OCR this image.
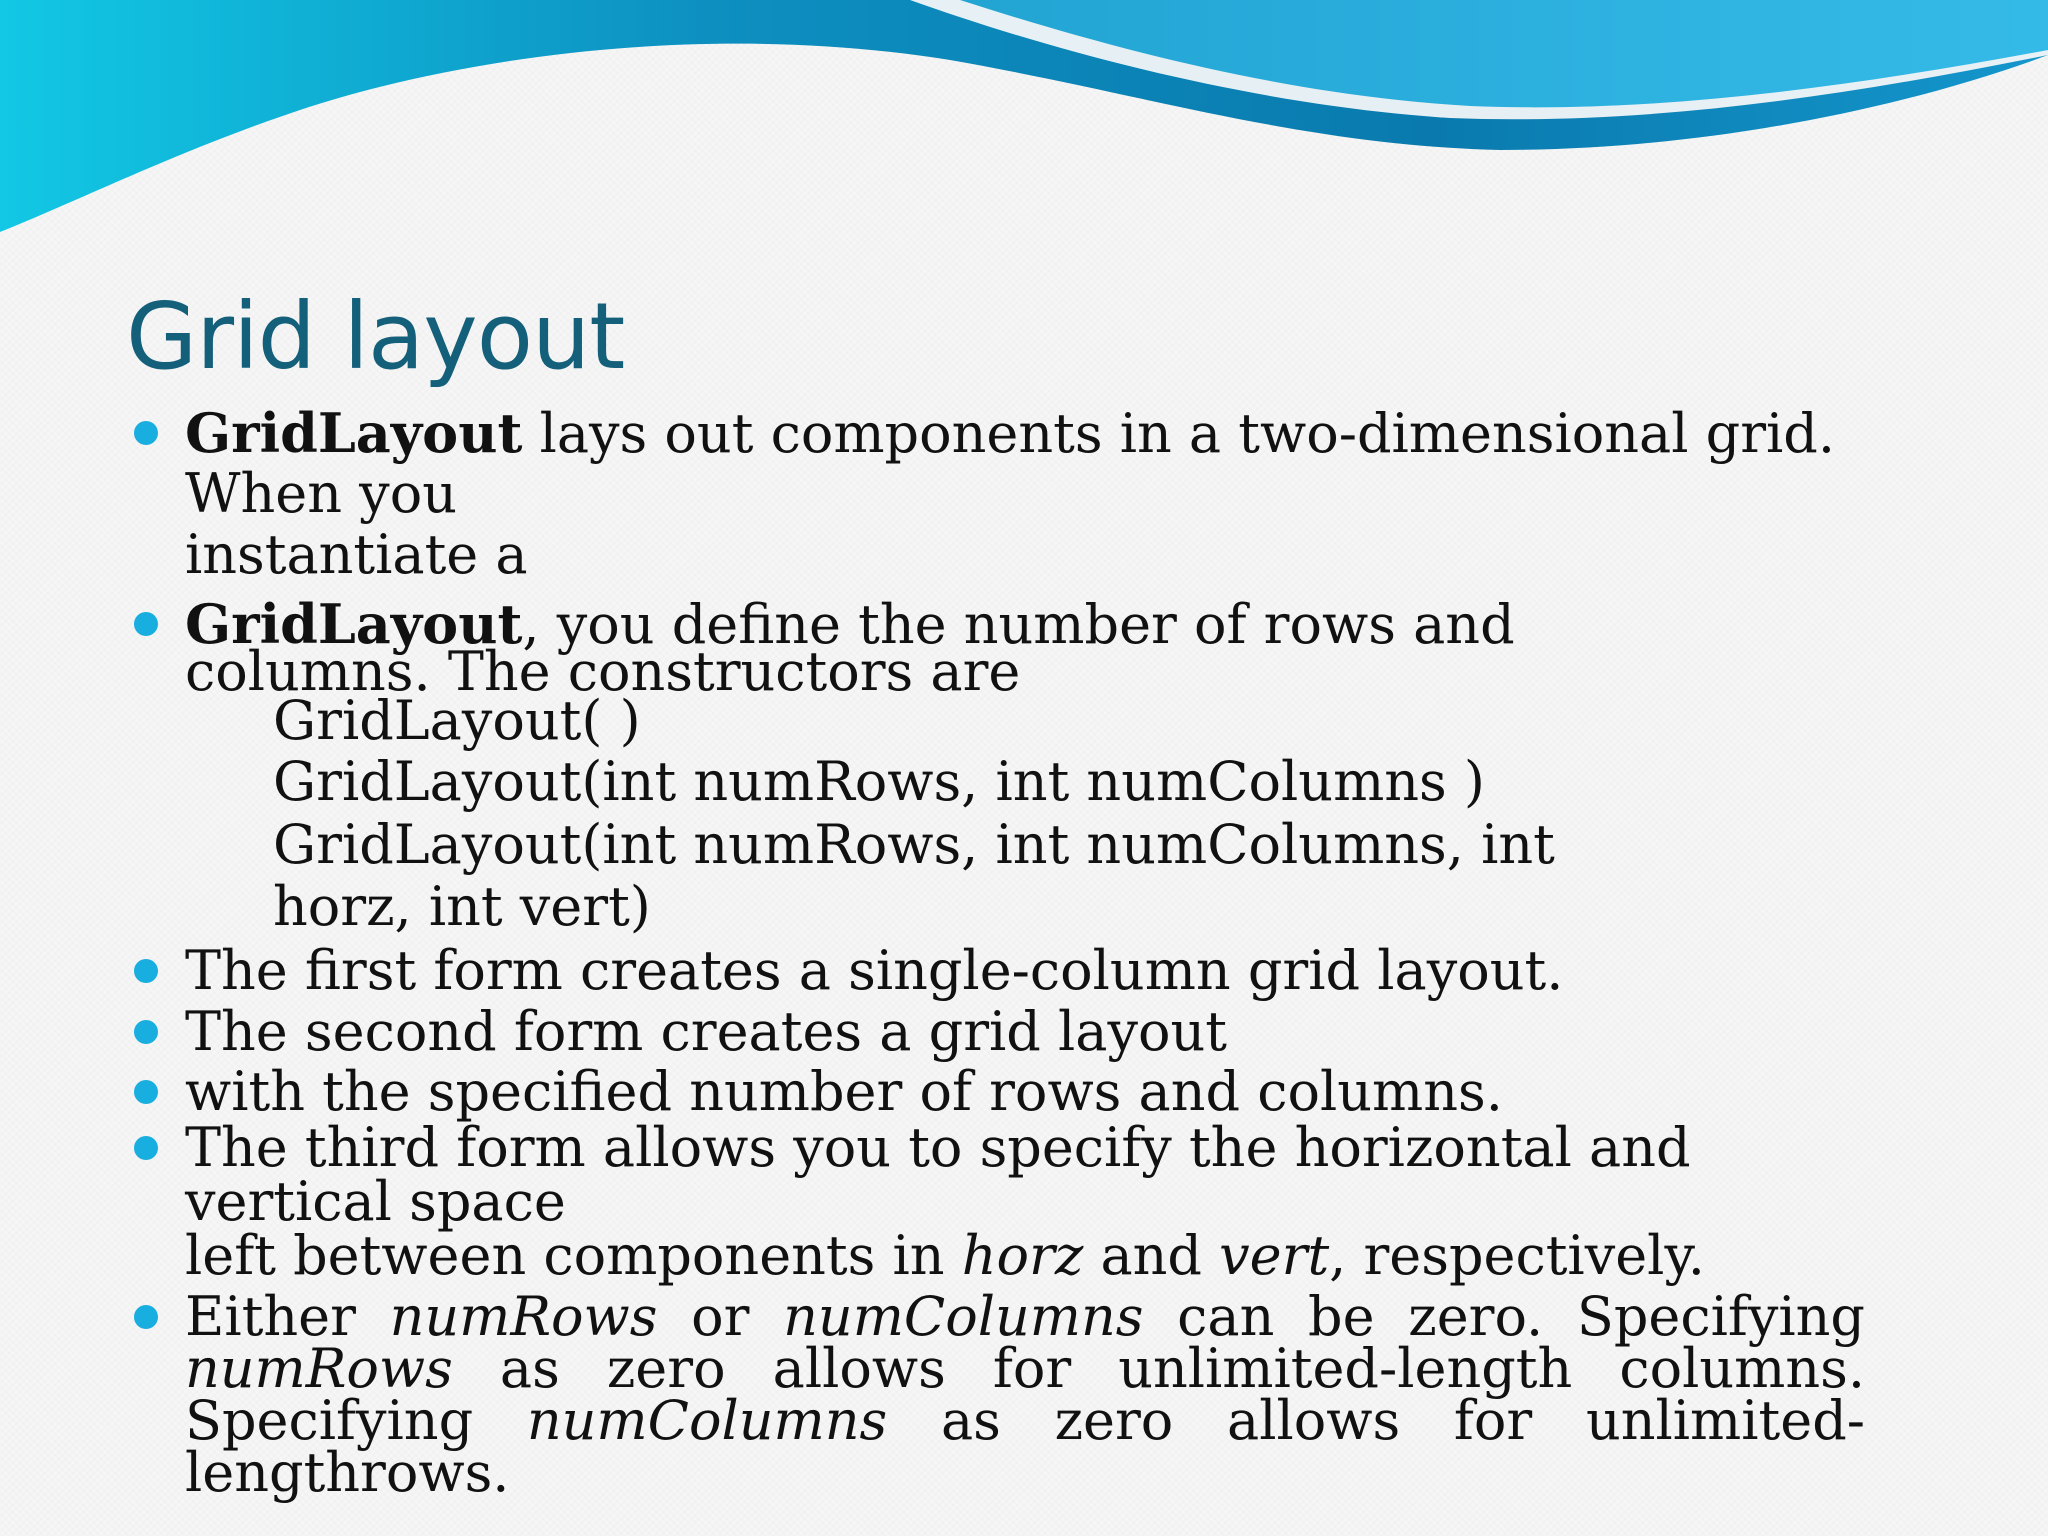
Grid layout
GridLayout lays out components in a two-dimensional grid.
When you
instantiate a
GridLayout, you define the number of rows and
columns. The constructors are
GridLayout( )
GridLayout(int numRows, int numColumns )
GridLayout(int numRows, int numColumns, int
horz, int vert)
The first form creates a single-column grid layout.
The second form creates a grid layout
with the specified number of rows and columns.
The third form allows you to specify the horizontal and
vertical space
left between components in horz and vert, respectively.
Either numRows or numColumns can be zero. Specifying
numRows as zero allows for unlimited-length columns.
Specifying numColumns as zero allows for unlimited-
lengthrows.
